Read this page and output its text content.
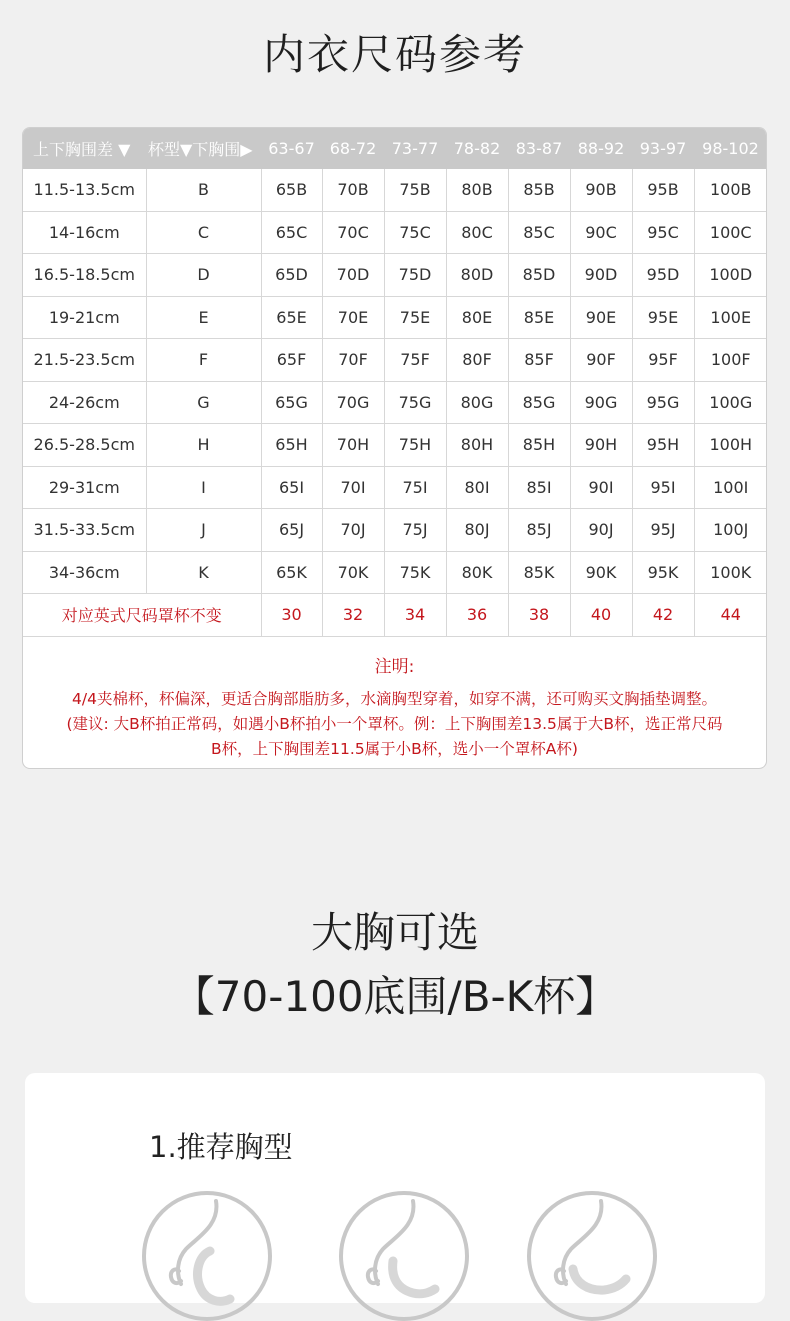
内衣尺码参考
上下胸围差 ▼	杯型▼下胸围▶	63-67	68-72	73-77	78-82	83-87	88-92	93-97	98-102
11.5-13.5cm	B	65B	70B	75B	80B	85B	90B	95B	100B
14-16cm	C	65C	70C	75C	80C	85C	90C	95C	100C
16.5-18.5cm	D	65D	70D	75D	80D	85D	90D	95D	100D
19-21cm	E	65E	70E	75E	80E	85E	90E	95E	100E
21.5-23.5cm	F	65F	70F	75F	80F	85F	90F	95F	100F
24-26cm	G	65G	70G	75G	80G	85G	90G	95G	100G
26.5-28.5cm	H	65H	70H	75H	80H	85H	90H	95H	100H
29-31cm	I	65I	70I	75I	80I	85I	90I	95I	100I
31.5-33.5cm	J	65J	70J	75J	80J	85J	90J	95J	100J
34-36cm	K	65K	70K	75K	80K	85K	90K	95K	100K
对应英式尺码罩杯不变		30	32	34	36	38	40	42	44
注明:
4/4夹棉杯，杯偏深，更适合胸部脂肪多，水滴胸型穿着，如穿不满，还可购买文胸插垫调整。
(建议: 大B杯拍正常码，如遇小B杯拍小一个罩杯。例：上下胸围差13.5属于大B杯，选正常尺码
B杯，上下胸围差11.5属于小B杯，选小一个罩杯A杯)
大胸可选
【70-100底围/B-K杯】
1.推荐胸型
